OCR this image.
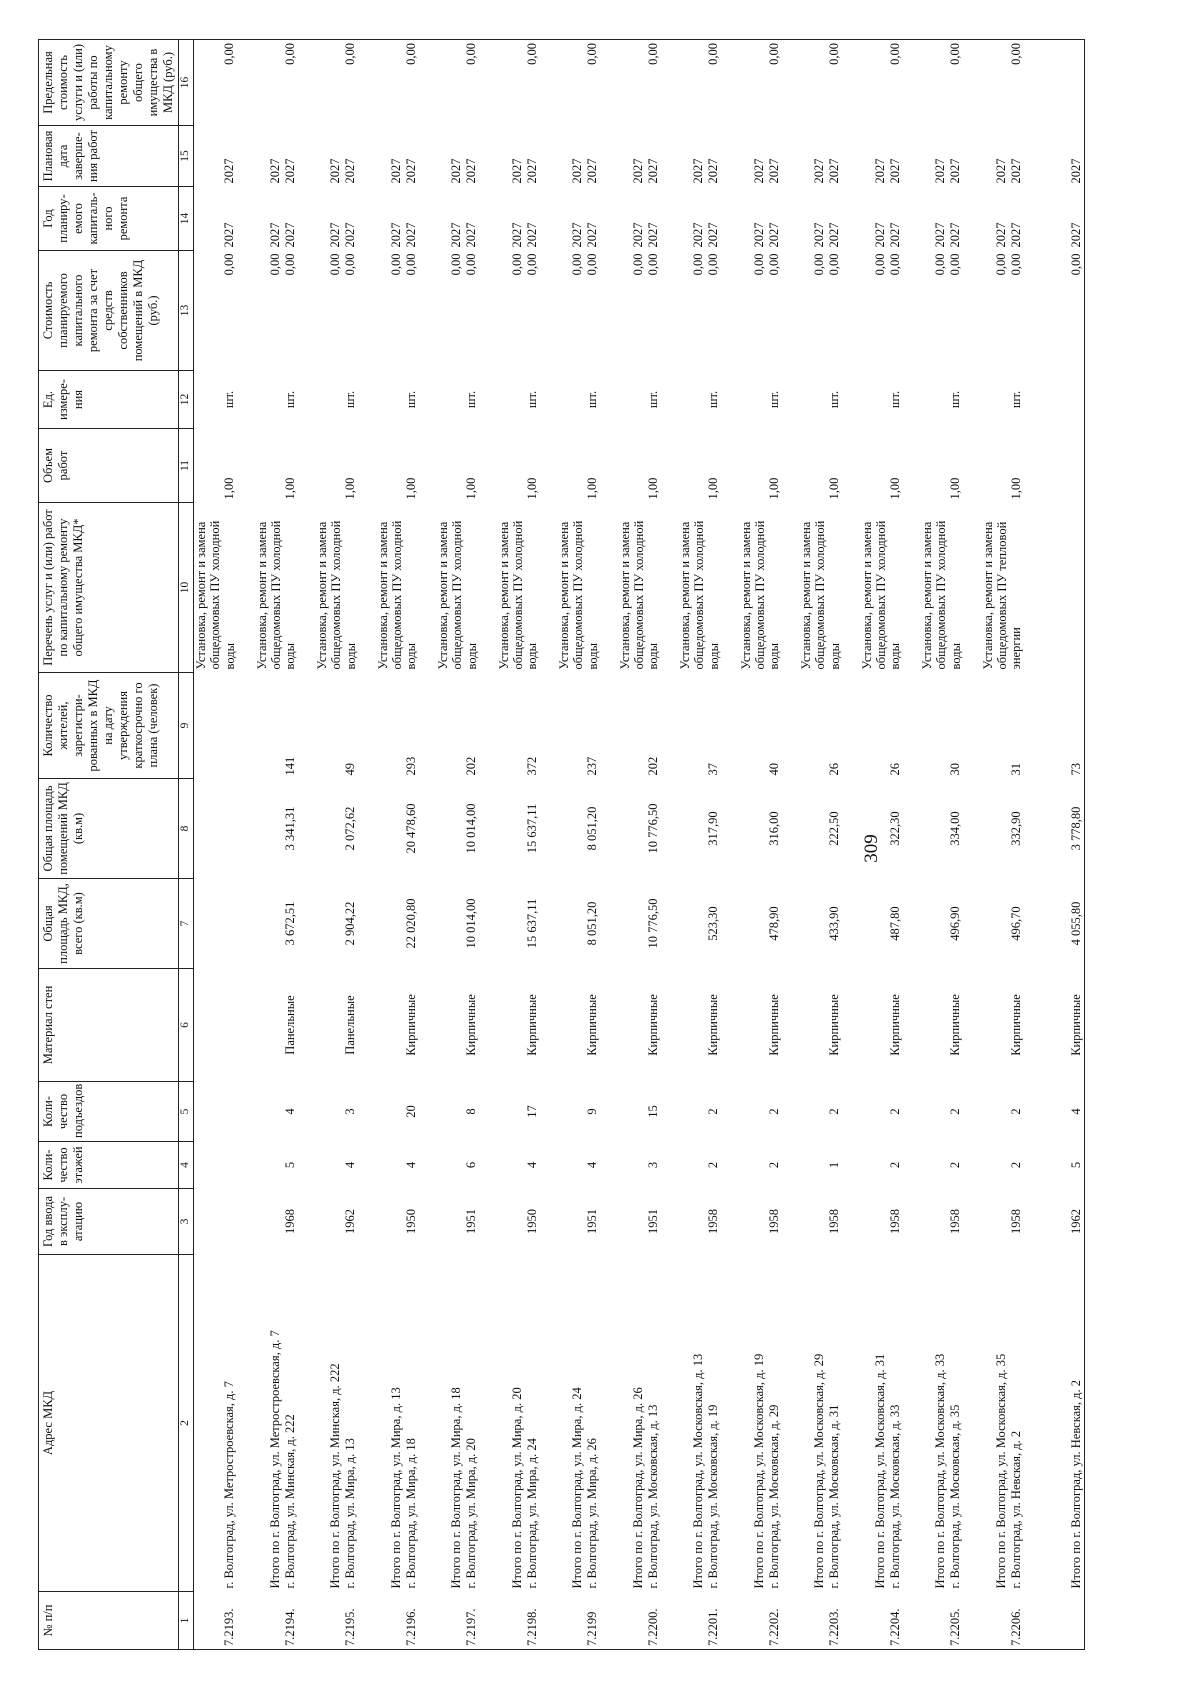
309
№ п/п	Адрес МКД	Год ввода в эксплу-атацию	Коли-чество этажей	Коли-чество подъездов	Материал стен	Общая площадь МКД, всего (кв.м)	Общая площадь помещений МКД (кв.м)	Количество жителей, зарегистри-рованных в МКД на дату утверждения краткосрочно го плана (человек)	Перечень услуг и (или) работ по капитальному ремонту общего имущества МКД*	Объем работ	Ед. измере-ния	Стоимость планируемого капитального ремонта за счет средств собственников помещений в МКД (руб.)	Год планиру-емого капиталь-ного ремонта	Плановая дата заверше-ния работ	Предельная стоимость услуги и (или) работы по капитальному ремонту общего имущества в МКД (руб.)
1	2	3	4	5	6	7	8	9	10	11	12	13	14	15	16

7.2193.	г. Волгоград, ул. Метростроевская, д. 7								Установка, ремонт и замена общедомовых ПУ холодной воды	1,00	шт.	0,00	2027	2027	0,00

7.2194.	Итого по г. Волгоград, ул. Метростроевская, д. 7 г. Волгоград, ул. Минская, д. 222	1968	5	4	Панельные	3 672,51	3 341,31	141	Установка, ремонт и замена общедомовых ПУ холодной воды	1,00	шт.	0,00 0,00	2027 2027	2027 2027	0,00

7.2195.	Итого по г. Волгоград, ул. Минская, д. 222 г. Волгоград, ул. Мира, д. 13	1962	4	3	Панельные	2 904,22	2 072,62	49	Установка, ремонт и замена общедомовых ПУ холодной воды	1,00	шт.	0,00 0,00	2027 2027	2027 2027	0,00

7.2196.	Итого по г. Волгоград, ул. Мира, д. 13 г. Волгоград, ул. Мира, д. 18	1950	4	20	Кирпичные	22 020,80	20 478,60	293	Установка, ремонт и замена общедомовых ПУ холодной воды	1,00	шт.	0,00 0,00	2027 2027	2027 2027	0,00

7.2197.	Итого по г. Волгоград, ул. Мира, д. 18 г. Волгоград, ул. Мира, д. 20	1951	6	8	Кирпичные	10 014,00	10 014,00	202	Установка, ремонт и замена общедомовых ПУ холодной воды	1,00	шт.	0,00 0,00	2027 2027	2027 2027	0,00

7.2198.	Итого по г. Волгоград, ул. Мира, д. 20 г. Волгоград, ул. Мира, д. 24	1950	4	17	Кирпичные	15 637,11	15 637,11	372	Установка, ремонт и замена общедомовых ПУ холодной воды	1,00	шт.	0,00 0,00	2027 2027	2027 2027	0,00

7.2199	Итого по г. Волгоград, ул. Мира, д. 24 г. Волгоград, ул. Мира, д. 26	1951	4	9	Кирпичные	8 051,20	8 051,20	237	Установка, ремонт и замена общедомовых ПУ холодной воды	1,00	шт.	0,00 0,00	2027 2027	2027 2027	0,00

7.2200.	Итого по г. Волгоград, ул. Мира, д. 26 г. Волгоград, ул. Московская, д. 13	1951	3	15	Кирпичные	10 776,50	10 776,50	202	Установка, ремонт и замена общедомовых ПУ холодной воды	1,00	шт.	0,00 0,00	2027 2027	2027 2027	0,00

7.2201.	Итого по г. Волгоград, ул. Московская, д. 13 г. Волгоград, ул. Московская, д. 19	1958	2	2	Кирпичные	523,30	317,90	37	Установка, ремонт и замена общедомовых ПУ холодной воды	1,00	шт.	0,00 0,00	2027 2027	2027 2027	0,00

7.2202.	Итого по г. Волгоград, ул. Московская, д. 19 г. Волгоград, ул. Московская, д. 29	1958	2	2	Кирпичные	478,90	316,00	40	Установка, ремонт и замена общедомовых ПУ холодной воды	1,00	шт.	0,00 0,00	2027 2027	2027 2027	0,00

7.2203.	Итого по г. Волгоград, ул. Московская, д. 29 г. Волгоград, ул. Московская, д. 31	1958	1	2	Кирпичные	433,90	222,50	26	Установка, ремонт и замена общедомовых ПУ холодной воды	1,00	шт.	0,00 0,00	2027 2027	2027 2027	0,00

7.2204.	Итого по г. Волгоград, ул. Московская, д. 31 г. Волгоград, ул. Московская, д. 33	1958	2	2	Кирпичные	487,80	322,30	26	Установка, ремонт и замена общедомовых ПУ холодной воды	1,00	шт.	0,00 0,00	2027 2027	2027 2027	0,00

7.2205.	Итого по г. Волгоград, ул. Московская, д. 33 г. Волгоград, ул. Московская, д. 35	1958	2	2	Кирпичные	496,90	334,00	30	Установка, ремонт и замена общедомовых ПУ холодной воды	1,00	шт.	0,00 0,00	2027 2027	2027 2027	0,00

7.2206.	Итого по г. Волгоград, ул. Московская, д. 35 г. Волгоград, ул. Невская, д. 2	1958	2	2	Кирпичные	496,70	332,90	31	Установка, ремонт и замена общедомовых ПУ тепловой энергии	1,00	шт.	0,00 0,00	2027 2027	2027 2027	0,00

	Итого по г. Волгоград, ул. Невская, д. 2	1962	5	4	Кирпичные	4 055,80	3 778,80	73				0,00	2027	2027	
